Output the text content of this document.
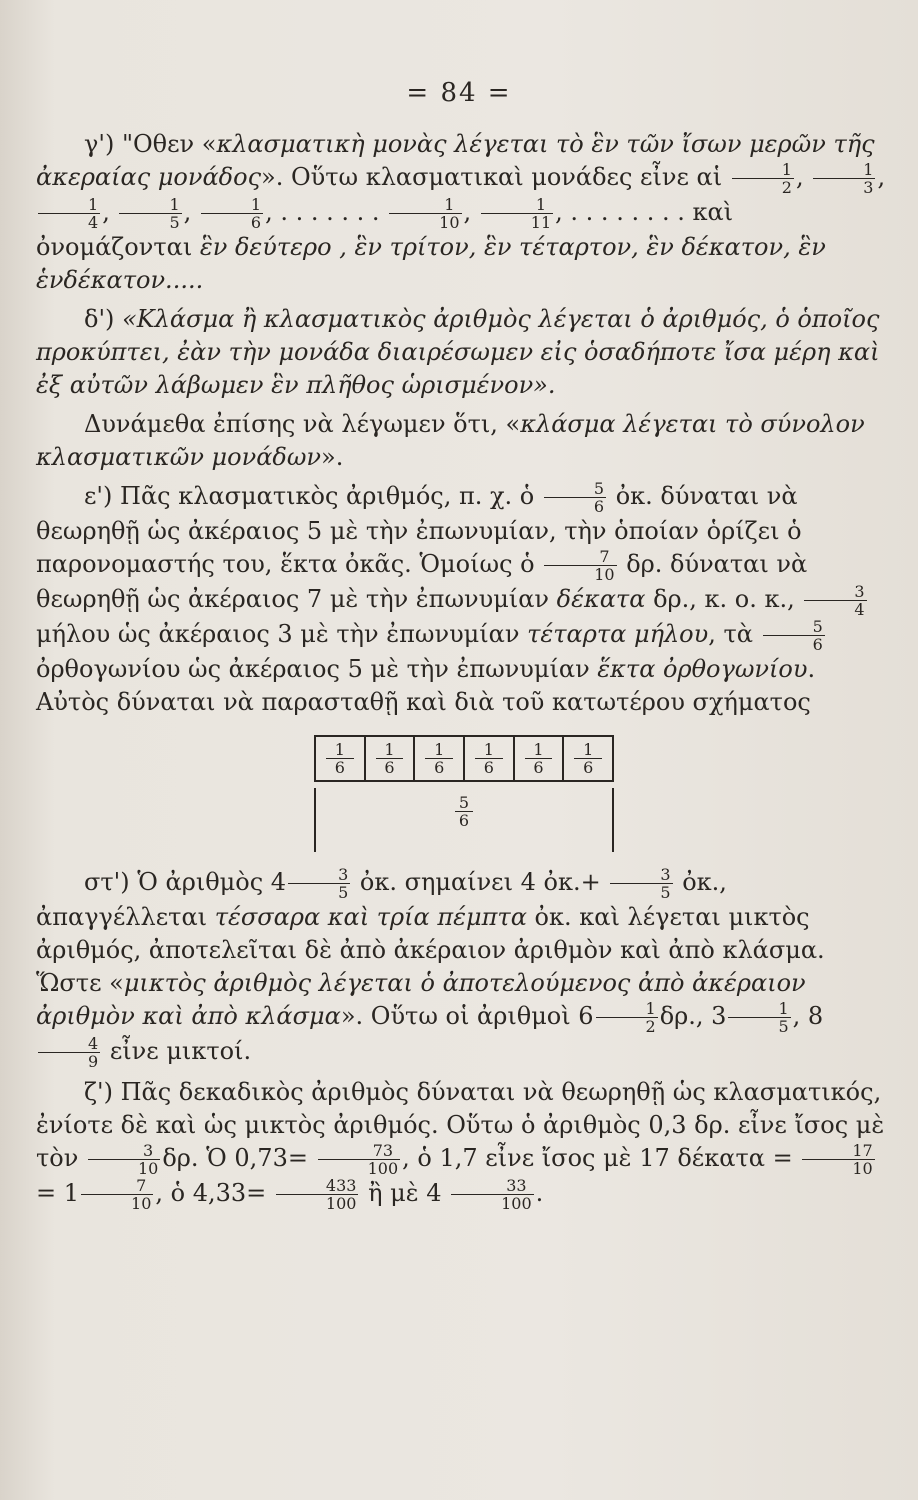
= 84 =

γ') "Οθεν «κλασματικὴ μονὰς λέγεται τὸ ἓν τῶν ἴσων μερῶν τῆς ἀκεραίας μονάδος». Οὕτω κλασματικαὶ μονάδες εἶνε αἱ $\frac{1}{2}$ , $\frac{1}{3}$ ,
$\frac{1}{4}$ , $\frac{1}{5}$ , $\frac{1}{6}$ , . . . . . . . $\frac{1}{10}$ , $\frac{1}{11}$ , . . . . . . . . καὶ ὀνομάζονται ἓν δεύτερο , ἓν τρίτον, ἓν τέταρτον, ἓν δέκατον, ἓν ἑνδέκατον.....

δ') «Κλάσμα ἢ κλασματικὸς ἀριθμὸς λέγεται ὁ ἀριθμός, ὁ ὁποῖος προκύπτει, ἐὰν τὴν μονάδα διαιρέσωμεν εἰς ὁσαδήποτε ἴσα μέρη καὶ ἐξ αὐτῶν λάβωμεν ἓν πλῆθος ὡρισμένον».

Δυνάμεθα ἐπίσης νὰ λέγωμεν ὅτι, «κλάσμα λέγεται τὸ σύνολον κλασματικῶν μονάδων».

ε') Πᾶς κλασματικὸς ἀριθμός, π. χ. ὁ $\frac{5}{6}$ ὀκ. δύναται νὰ θεωρηθῇ ὡς ἀκέραιος 5 μὲ τὴν ἐπωνυμίαν, τὴν ὁποίαν ὁρίζει ὁ παρονομαστής του, ἕκτα ὀκᾶς. Ὁμοίως ὁ $\frac{7}{10} \delta\rho$. δύναται νὰ θεωρηθῇ ὡς ἀκέραιος 7 μὲ τὴν ἐπωνυμίαν δέκατα δρ., κ. ο. κ., $\frac{3}{4}$
μήλου ὡς ἀκέραιος 3 μὲ τὴν ἐπωνυμίαν τέταρτα μήλου, τὰ $\frac{5}{6}$
ὀρθογωνίου ὡς ἀκέραιος 5 μὲ τὴν ἐπωνυμίαν ἕκτα ὀρθογωνίου. Αὐτὸς δύναται νὰ παρασταθῇ καὶ διὰ τοῦ κατωτέρου σχήματος

1
6
1
6
1
6
1
6
1
6
1
6
5
6

στ') Ὁ ἀριθμὸς $4 \frac{3}{5}$ ὀκ. σημαίνει 4 ὀκ.+ $\frac{3}{5}$ ὀκ., ἀπαγγέλλεται τέσσαρα καὶ τρία πέμπτα ὀκ. καὶ λέγεται μικτὸς ἀριθμός, ἀποτελεῖται δὲ ἀπὸ ἀκέραιον ἀριθμὸν καὶ ἀπὸ κλάσμα. Ὥστε «μικτὸς ἀριθμὸς λέγεται ὁ ἀποτελούμενος ἀπὸ ἀκέραιον ἀριθμὸν καὶ ἀπὸ κλάσμα». Οὕτω οἱ ἀριθμοὶ $6 \frac{1}{2} \delta\rho$., $3 \frac{1}{5}$ , 8
$\frac{4}{9}$ εἶνε μικτοί.

ζ') Πᾶς δεκαδικὸς ἀριθμὸς δύναται νὰ θεωρηθῇ ὡς κλασματικός, ἐνίοτε δὲ καὶ ὡς μικτὸς ἀριθμός. Οὕτω ὁ ἀριθμὸς 0,3 δρ. εἶνε ἴσος μὲ τὸν $\frac{3}{10} \delta\rho$. Ὁ $0,73= \frac{73}{100}$ , ὁ 1,7 εἶνε ἴσος μὲ 17 $\delta έ\kappa\alpha\tau\alpha = \frac{17}{10}$
= $1 \frac{7}{10}$ , ὁ $4,33= \frac{433}{100}$ ἢ μὲ $4 \frac{33}{100}$ .
